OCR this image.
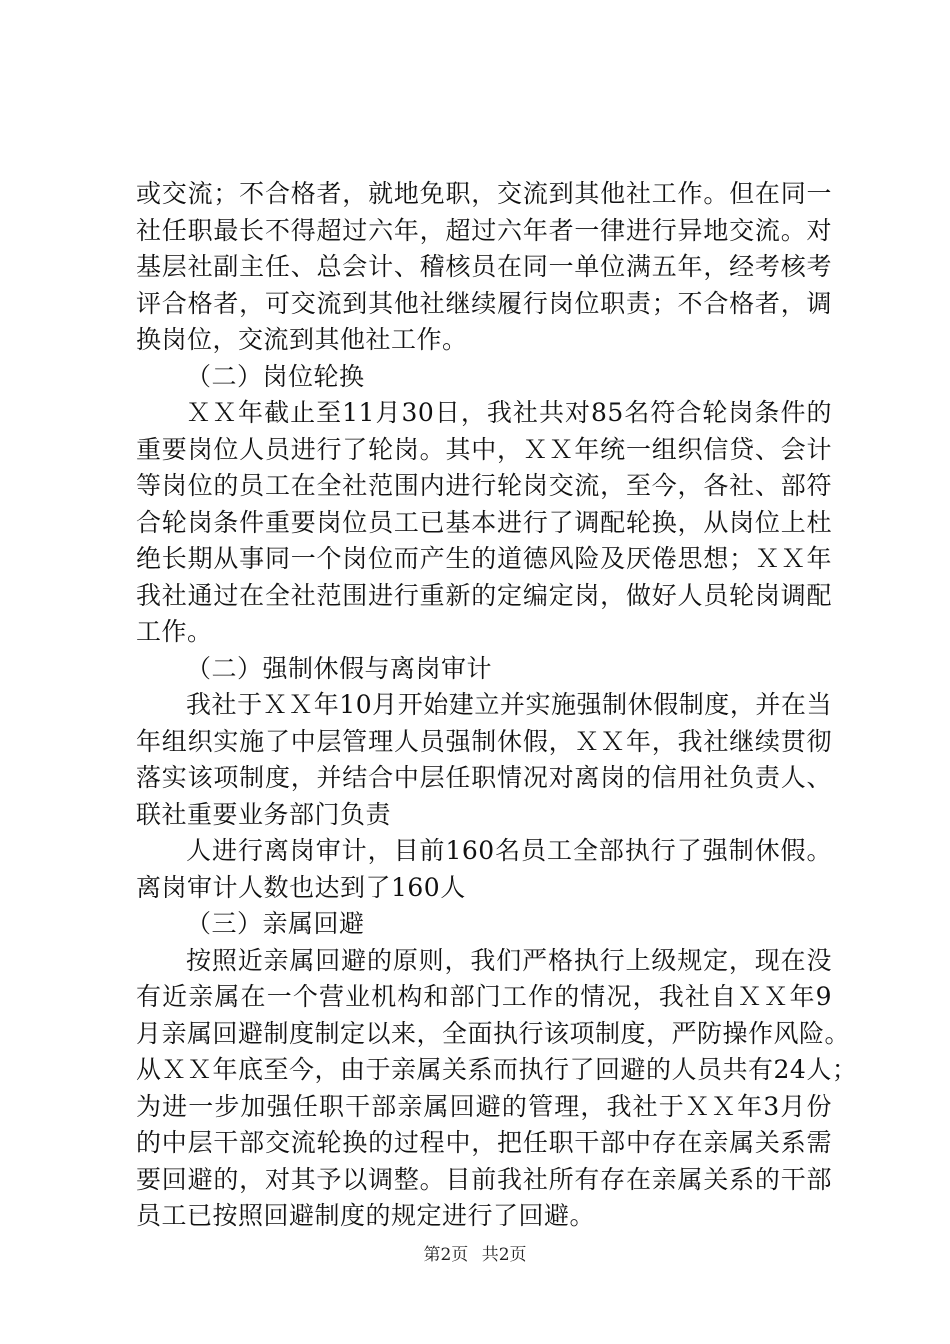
或交流；不合格者，就地免职，交流到其他社工作。但在同一
社任职最长不得超过六年，超过六年者一律进行异地交流。对
基层社副主任、总会计、稽核员在同一单位满五年，经考核考
评合格者，可交流到其他社继续履行岗位职责；不合格者，调
换岗位，交流到其他社工作。
（二）岗位轮换
ＸＸ年截止至11月30日，我社共对85名符合轮岗条件的
重要岗位人员进行了轮岗。其中，ＸＸ年统一组织信贷、会计
等岗位的员工在全社范围内进行轮岗交流，至今，各社、部符
合轮岗条件重要岗位员工已基本进行了调配轮换，从岗位上杜
绝长期从事同一个岗位而产生的道德风险及厌倦思想；ＸＸ年
我社通过在全社范围进行重新的定编定岗，做好人员轮岗调配
工作。
（二）强制休假与离岗审计
我社于ＸＸ年10月开始建立并实施强制休假制度，并在当
年组织实施了中层管理人员强制休假，ＸＸ年，我社继续贯彻
落实该项制度，并结合中层任职情况对离岗的信用社负责人、
联社重要业务部门负责
人进行离岗审计，目前160名员工全部执行了强制休假。
离岗审计人数也达到了160人
（三）亲属回避
按照近亲属回避的原则，我们严格执行上级规定，现在没
有近亲属在一个营业机构和部门工作的情况，我社自ＸＸ年9
月亲属回避制度制定以来，全面执行该项制度，严防操作风险。
从ＸＸ年底至今，由于亲属关系而执行了回避的人员共有24人；
为进一步加强任职干部亲属回避的管理，我社于ＸＸ年3月份
的中层干部交流轮换的过程中，把任职干部中存在亲属关系需
要回避的，对其予以调整。目前我社所有存在亲属关系的干部
员工已按照回避制度的规定进行了回避。
第2页 共2页
